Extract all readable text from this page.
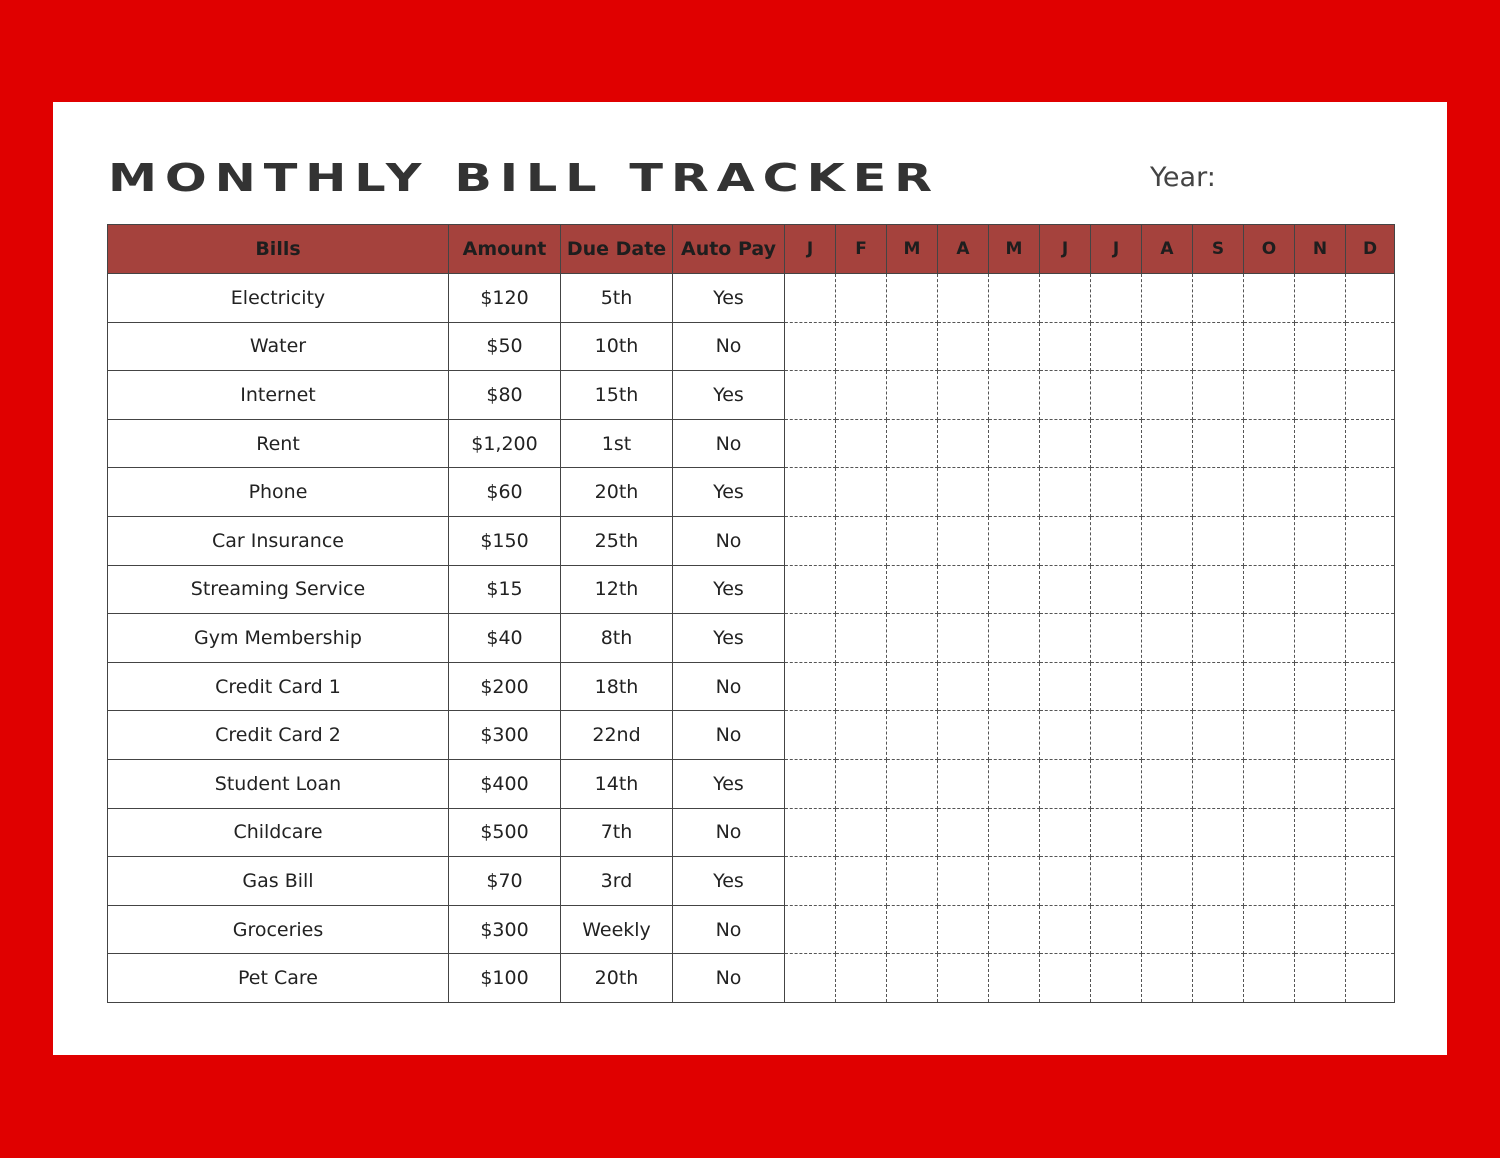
MONTHLY BILL TRACKER	Year:
Bills	Amount	Due Date	Auto Pay	J	F	M	A	M	J	J	A	S	O	N	D
Electricity	$120	5th	Yes												
Water	$50	10th	No												
Internet	$80	15th	Yes												
Rent	$1,200	1st	No												
Phone	$60	20th	Yes												
Car Insurance	$150	25th	No												
Streaming Service	$15	12th	Yes												
Gym Membership	$40	8th	Yes												
Credit Card 1	$200	18th	No												
Credit Card 2	$300	22nd	No												
Student Loan	$400	14th	Yes												
Childcare	$500	7th	No												
Gas Bill	$70	3rd	Yes												
Groceries	$300	Weekly	No												
Pet Care	$100	20th	No												
